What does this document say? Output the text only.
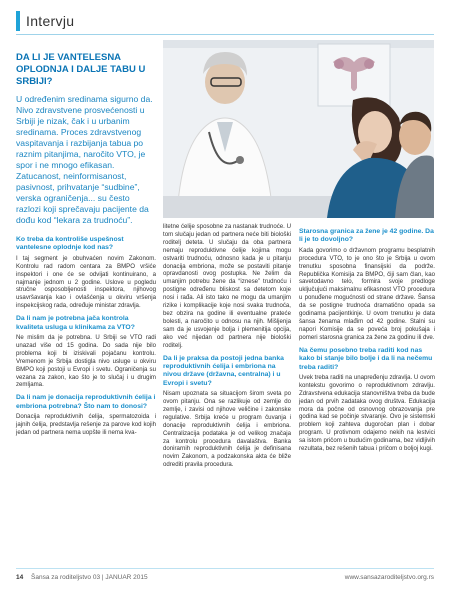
Intervju
DA LI JE VANTELESNA OPLODNJA I DALJE TABU U SRBIJI?
U određenim sredinama sigurno da. Nivo zdravstvene prosvećenosti u Srbiji je nizak, čak i u urbanim sredinama. Proces zdravstvenog vaspitavanja i razbijanja tabua po raznim pitanjima, naročito VTO, je spor i ne mnogo efikasan. Zatucanost, neinformisanost, pasivnost, prihvatanje “sudbine”, verska ograničenja... su često razlozi koji sprečavaju pacijente da dođu kod “lekara za trudnoću”.
Ko treba da kontroliše uspešnost vantelesne oplodnje kod nas?
I taj segment je obuhvaćen novim Zakonom. Kontrolu rad radom centara za BMPO vršiće inspektori i one će se odvijati kontinuirano, a najmanje jednom u 2 godine. Uslove u pogledu stručne osposobljenosti inspektora, njihovog usavršavanja kao i ovlašćenja u okviru vršenja inspekcijskog rada, određuje ministar zdravlja.
Da li nam je potrebna jača kontrola kvaliteta usluga u klinikama za VTO?
Ne mislim da je potrebna. U Srbiji se VTO radi unazad više od 15 godina. Do sada nije bilo problema koji bi iziskivali pojačanu kontrolu. Vremenom je Srbija dostigla nivo usluge u okviru BMPO koji postoji u Evropi i svetu. Ograničenja su vezana za zakon, kao što je to slučaj i u drugim zemljama.
Da li nam je donacija reproduktivnih ćelija i embriona potrebna? Što nam to donosi?
Donacija reproduktivnih ćelija, spermatozoida i jajnih ćelija, predstavlja rešenje za parove kod kojih jedan od partnera nema uopšte ili nema kva-
litetne ćelije sposobne za nastanak trudnoće. U tom slučaju jedan od partnera neće biti biološki roditelj deteta. U slučaju da oba partnera nemaju reproduktivne ćelije kojima mogu ostvariti trudnoću, odnosno kada je u pitanju donacija embriona, može se postaviti pitanje opravdanosti ovog postupka. Ne želim da umanjim potrebu žene da “iznese” trudnoću i postigne određenu bliskost sa detetom koje nosi i rađa. Ali isto tako ne mogu da umanjim rizike i komplikacije koje nosi svaka trudnoća, bez obzira na godine ili eventualne prateće bolesti, a naročito u odnosu na njih. Mišljenja sam da je usvojenje bolja i plemenitija opcija, ako već nijedan od partnera nije biološki roditelj.
Da li je praksa da postoji jedna banka reproduktivnih ćelija i embriona na nivou države (državna, centralna) i u Evropi i svetu?
Nisam upoznata sa situacijom širom sveta po ovom pitanju. Ona se razlikuje od zemlje do zemlje, i zavisi od njihove veličine i zakonske regulative. Srbija kreće u program čuvanja i donacije reproduktivnih ćelija i embriona. Centralizacija podataka je od velikog značaja za kontrolu procedura davalaštva. Banka donirarnih reproduktivnih ćelija je definisana novim Zakonom, a podzakonska akta će bliže odrediti pravila procedura.
Starosna granica za žene je 42 godine. Da li je to dovoljno?
Kada govorimo o državnom programu besplatnih procedura VTO, to je ono što je Srbija u ovom trenutku sposobna finansijski da podrže. Republička Komisija za BMPO, čiji sam član, kao savetodavno telo, formira svoje predloge uključujući maksimalnu efikasnost VTO procedura u ponuđene mogućnosti od strane države. Šansa da se postigne trudnoća dramatično opada sa godinama pacijentkinje. U ovom trenutku je data šansa ženama mlađim od 42 godine. Stalni su napori Komisije da se poveća broj pokušaja i pomeri starosna granica za žene za godinu ili dve.
Na čemu posebno treba raditi kod nas kako bi stanje bilo bolje i da li na nečemu treba raditi?
Uvek treba raditi na unapređenju zdravlja. U ovom kontekstu govorimo o reproduktivnom zdravlju. Zdravstvena edukacija stanovništva treba da bude jedan od prvih zadataka ovog društva. Edukacija mora da počne od osnovnog obrazovanja pre godina kad se počinje stvaranje. Ovo je sistemski problem koji zahteva dugoročan plan i dobar program. U protivnom odajemo nekih na lestvici sa istom pričom u budućim godinama, bez vidljivih rezultata, bez rešenih tabua i pričom o boljoj kugi.
14 Šansa za roditeljstvo 03 | JANUAR 2015	www.sansazaroditeljstvo.org.rs
